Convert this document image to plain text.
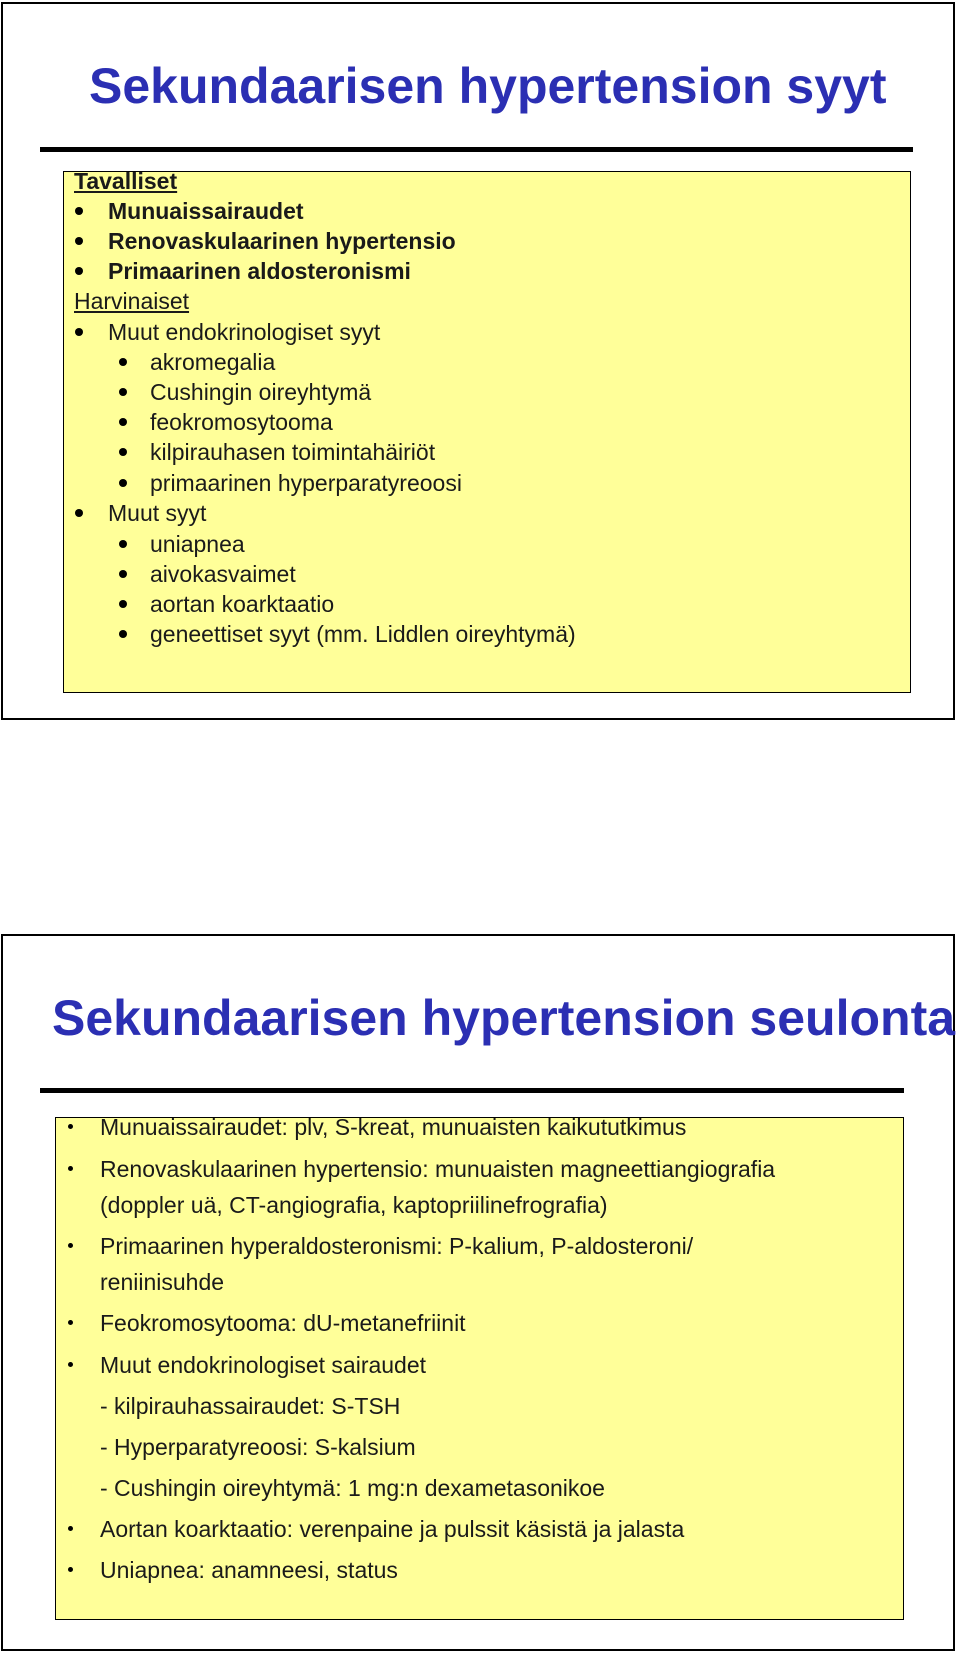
Sekundaarisen hypertension syyt
Tavalliset
Munuaissairaudet
Renovaskulaarinen hypertensio
Primaarinen aldosteronismi
Harvinaiset
Muut endokrinologiset syyt
akromegalia
Cushingin oireyhtymä
feokromosytooma
kilpirauhasen toimintahäiriöt
primaarinen hyperparatyreoosi
Muut syyt
uniapnea
aivokasvaimet
aortan koarktaatio
geneettiset syyt (mm. Liddlen oireyhtymä)
Sekundaarisen hypertension seulonta
Munuaissairaudet: plv, S-kreat, munuaisten kaikututkimus
Renovaskulaarinen hypertensio: munuaisten magneettiangiografia
(doppler uä, CT-angiografia, kaptopriilinefrografia)
Primaarinen hyperaldosteronismi: P-kalium, P-aldosteroni/
reniinisuhde
Feokromosytooma: dU-metanefriinit
Muut endokrinologiset sairaudet
- kilpirauhassairaudet: S-TSH
- Hyperparatyreoosi: S-kalsium
- Cushingin oireyhtymä: 1 mg:n dexametasonikoe
Aortan koarktaatio: verenpaine ja pulssit käsistä ja jalasta
Uniapnea: anamneesi, status
